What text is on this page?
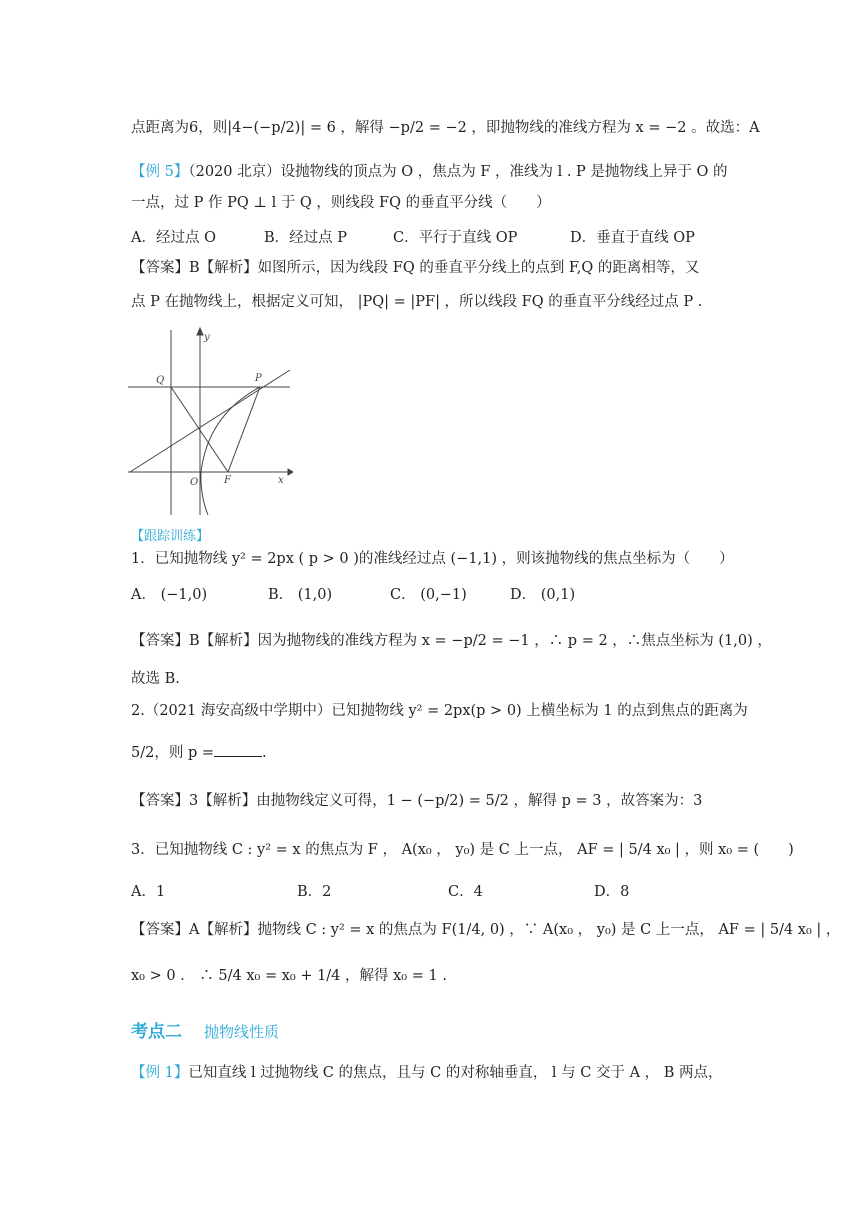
点距离为6，则|4−(−p/2)| = 6 ，解得 −p/2 = −2 ，即抛物线的准线方程为 x = −2 。故选：A
【例 5】（2020 北京）设抛物线的顶点为 O ，焦点为 F ，准线为 l . P 是抛物线上异于 O 的
一点，过 P 作 PQ ⊥ l 于 Q ，则线段 FQ 的垂直平分线（　　）
A．经过点 O	B．经过点 P	C．平行于直线 OP	D．垂直于直线 OP
【答案】B【解析】如图所示，因为线段 FQ 的垂直平分线上的点到 F,Q 的距离相等，又
点 P 在抛物线上，根据定义可知， |PQ| = |PF| ，所以线段 FQ 的垂直平分线经过点 P .
y
x
Q	P
O	F
【跟踪训练】
1．已知抛物线 y² = 2px ( p > 0 )的准线经过点 (−1,1) ，则该抛物线的焦点坐标为（　　）
A． (−1,0)	B． (1,0)	C． (0,−1)	D． (0,1)
【答案】B【解析】因为抛物线的准线方程为 x = −p/2 = −1 ，∴ p = 2 ，∴焦点坐标为 (1,0) ，
故选 B.
2.（2021 海安高级中学期中）已知抛物线 y² = 2px(p > 0) 上横坐标为 1 的点到焦点的距离为
5/2，则 p =	.
【答案】3【解析】由抛物线定义可得，1 − (−p/2) = 5/2 ，解得 p = 3 ，故答案为：3
3．已知抛物线 C : y² = x 的焦点为 F ， A(x₀ ， y₀) 是 C 上一点， AF = | 5/4 x₀ | ，则 x₀ = (　　)
A．1	B．2	C．4	D．8
【答案】A【解析】抛物线 C : y² = x 的焦点为 F(1/4, 0) ，∵ A(x₀ ， y₀) 是 C 上一点， AF = | 5/4 x₀ | ，
x₀ > 0 ． ∴ 5/4 x₀ = x₀ + 1/4 ，解得 x₀ = 1 .
考点二 抛物线性质
【例 1】已知直线 l 过抛物线 C 的焦点，且与 C 的对称轴垂直， l 与 C 交于 A ， B 两点，
